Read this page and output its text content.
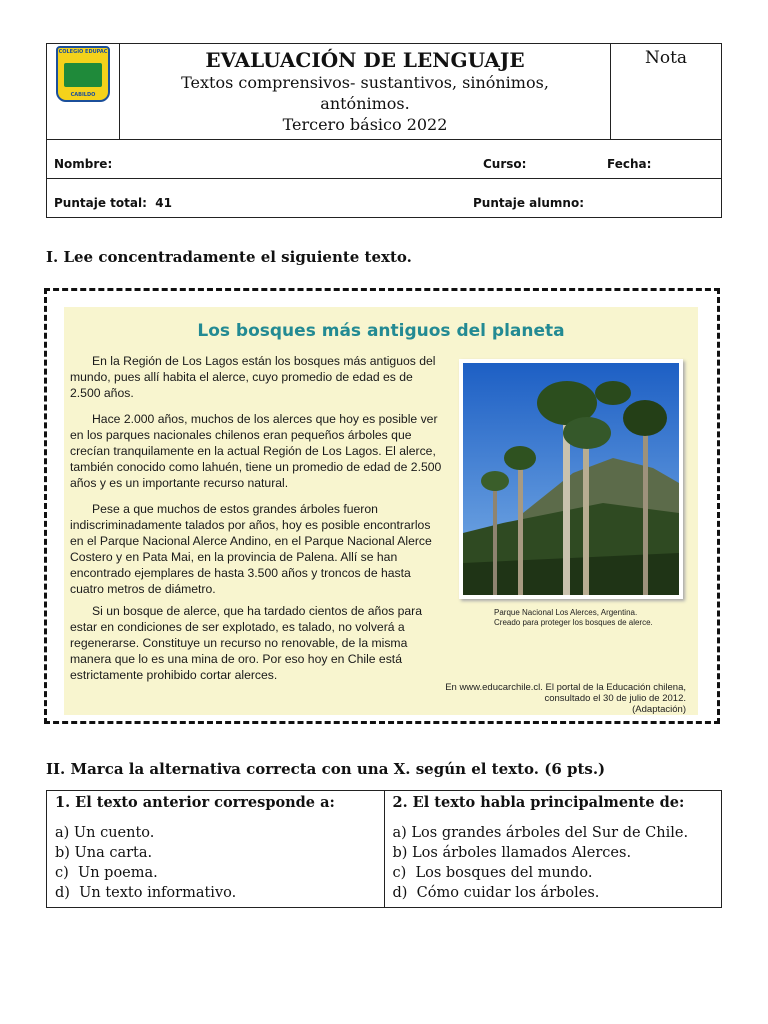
COLEGIO EDUPAC
CABILDO

EVALUACIÓN DE LENGUAJE
Textos comprensivos- sustantivos, sinónimos,
antónimos.
Tercero básico 2022
	Nota

Nombre:	Curso:	Fecha:
Puntaje total:  41	Puntaje alumno:
I. Lee concentradamente el siguiente texto.
Los bosques más antiguos del planeta
En la Región de Los Lagos están los bosques más antiguos del mundo, pues allí habita el alerce, cuyo promedio de edad es de 2.500 años.
Hace 2.000 años, muchos de los alerces que hoy es posible ver en los parques nacionales chilenos eran pequeños árboles que crecían tranquilamente en la actual Región de Los Lagos. El alerce, también conocido como lahuén, tiene un promedio de edad de 2.500 años y es un importante recurso natural.
Pese a que muchos de estos grandes árboles fueron indiscriminadamente talados por años, hoy es posible encontrarlos en el Parque Nacional Alerce Andino, en el Parque Nacional Alerce Costero y en Pata Mai, en la provincia de Palena. Allí se han encontrado ejemplares de hasta 3.500 años y troncos de hasta cuatro metros de diámetro.
Si un bosque de alerce, que ha tardado cientos de años para estar en condiciones de ser explotado, es talado, no volverá a regenerarse. Constituye un recurso no renovable, de la misma manera que lo es una mina de oro. Por eso hoy en Chile está estrictamente prohibido cortar alerces.
Parque Nacional Los Alerces, Argentina. Creado para proteger los bosques de alerce.
En www.educarchile.cl. El portal de la Educación chilena,
consultado el 30 de julio de 2012.
(Adaptación)
II. Marca la alternativa correcta con una X. según el texto. (6 pts.)
1. El texto anterior corresponde a:
a) Un cuento.
b) Una carta.
c)  Un poema.
d)  Un texto informativo.

2. El texto habla principalmente de:
a) Los grandes árboles del Sur de Chile.
b) Los árboles llamados Alerces.
c)  Los bosques del mundo.
d)  Cómo cuidar los árboles.
